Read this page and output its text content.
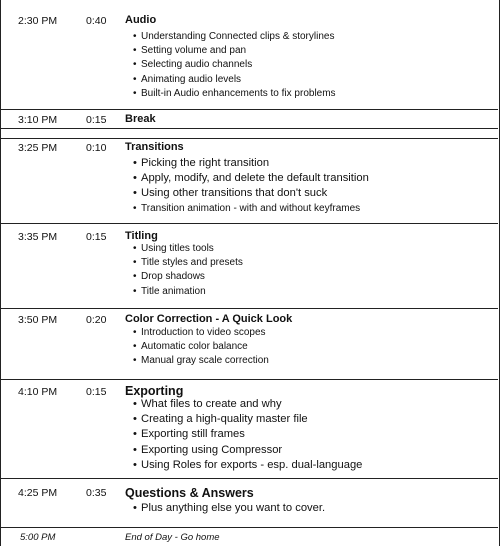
2:30 PM	0:40 Audio
• Understanding Connected clips & storylines
• Setting volume and pan
• Selecting audio channels
• Animating audio levels
• Built-in Audio enhancements to fix problems
3:10 PM	0:15 Break
3:25 PM	0:10 Transitions
• Picking the right transition
• Apply, modify, and delete the default transition
• Using other transitions that don't suck
• Transition animation - with and without keyframes
3:35 PM	0:15 Titling
• Using titles tools
• Title styles and presets
• Drop shadows
• Title animation
3:50 PM	0:20 Color Correction - A Quick Look
• Introduction to video scopes
• Automatic color balance
• Manual gray scale correction
4:10 PM	0:15 Exporting
• What files to create and why
• Creating a high-quality master file
• Exporting still frames
• Exporting using Compressor
• Using Roles for exports - esp. dual-language
4:25 PM	0:35 Questions & Answers
• Plus anything else you want to cover.
5:00 PM	End of Day - Go home
